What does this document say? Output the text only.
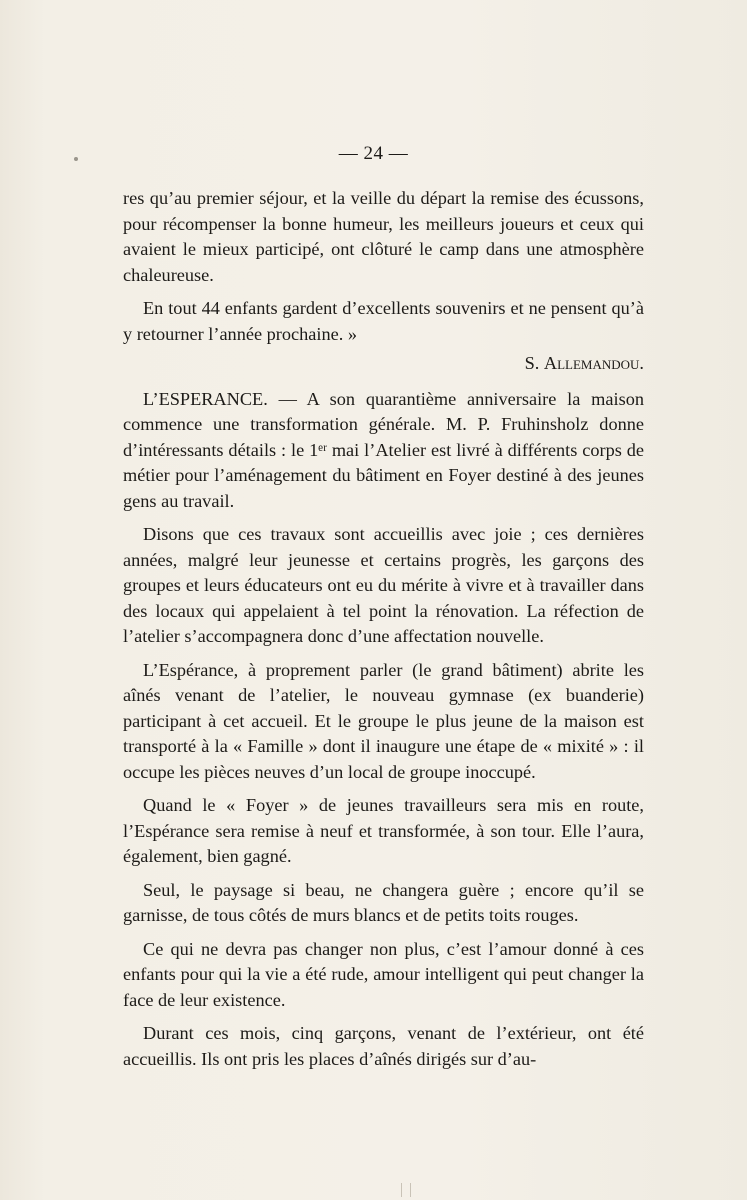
— 24 —

res qu’au premier séjour, et la veille du départ la remise des écussons, pour récompenser la bonne humeur, les meilleurs joueurs et ceux qui avaient le mieux participé, ont clôturé le camp dans une atmosphère chaleureuse.

En tout 44 enfants gardent d’excellents souvenirs et ne pensent qu’à y retourner l’année prochaine. »

S. Allemandou.

L’ESPERANCE. — A son quarantième anniversaire la maison commence une transformation générale. M. P. Fruhinsholz donne d’intéressants détails : le 1ᵉʳ mai l’Atelier est livré à différents corps de métier pour l’aménagement du bâtiment en Foyer destiné à des jeunes gens au travail.

Disons que ces travaux sont accueillis avec joie ; ces dernières années, malgré leur jeunesse et certains progrès, les garçons des groupes et leurs éducateurs ont eu du mérite à vivre et à travailler dans des locaux qui appelaient à tel point la rénovation. La réfection de l’atelier s’accompagnera donc d’une affectation nouvelle.

L’Espérance, à proprement parler (le grand bâtiment) abrite les aînés venant de l’atelier, le nouveau gymnase (ex buanderie) participant à cet accueil. Et le groupe le plus jeune de la maison est transporté à la « Famille » dont il inaugure une étape de « mixité » : il occupe les pièces neuves d’un local de groupe inoccupé.

Quand le « Foyer » de jeunes travailleurs sera mis en route, l’Espérance sera remise à neuf et transformée, à son tour. Elle l’aura, également, bien gagné.

Seul, le paysage si beau, ne changera guère ; encore qu’il se garnisse, de tous côtés de murs blancs et de petits toits rouges.

Ce qui ne devra pas changer non plus, c’est l’amour donné à ces enfants pour qui la vie a été rude, amour intelligent qui peut changer la face de leur existence.

Durant ces mois, cinq garçons, venant de l’extérieur, ont été accueillis. Ils ont pris les places d’aînés dirigés sur d’au-
